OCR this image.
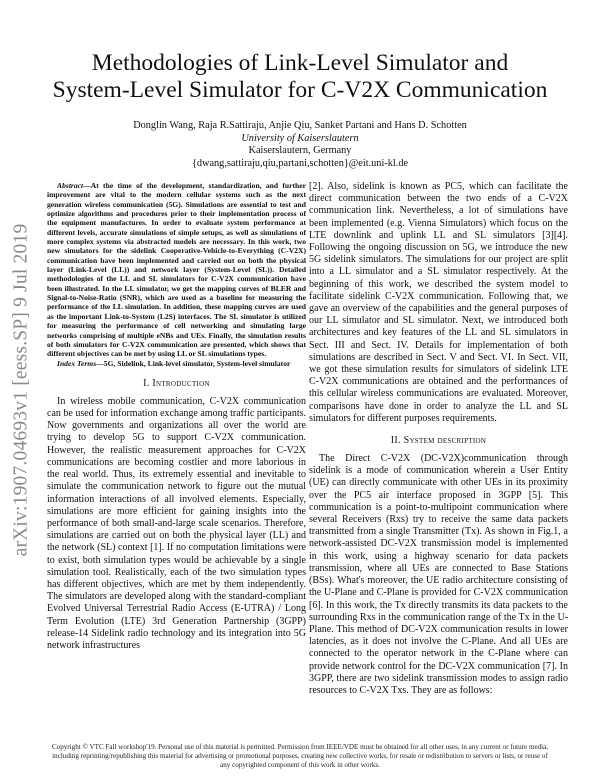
arXiv:1907.04693v1 [eess.SP] 9 Jul 2019
Methodologies of Link-Level Simulator and
System-Level Simulator for C-V2X Communication
Donglin Wang, Raja R.Sattiraju, Anjie Qiu, Sanket Partani and Hans D. Schotten
University of Kaiserslautern
Kaiserslautern, Germany
{dwang,sattiraju,qiu,partani,schotten}@eit.uni-kl.de

Abstract—At the time of the development, standardization, and further improvement are vital to the modern cellular systems such as the next generation wireless communication (5G). Simulations are essential to test and optimize algorithms and procedures prior to their implementation process of the equipment manufactures. In order to evaluate system performance at different levels, accurate simulations of simple setups, as well as simulations of more complex systems via abstracted models are necessary. In this work, two new simulators for the sidelink Cooperative-Vehicle-to-Everything (C-V2X) communication have been implemented and carried out on both the physical layer (Link-Level (LL)) and network layer (System-Level (SL)). Detailed methodologies of the LL and SL simulators for C-V2X communication have been illustrated. In the LL simulator, we get the mapping curves of BLER and Signal-to-Noise-Ratio (SNR), which are used as a baseline for measuring the performance of the LL simulation. In addition, these mapping curves are used as the important Link-to-System (L2S) interfaces. The SL simulator is utilized for measuring the performance of cell networking and simulating large networks comprising of multiple eNBs and UEs. Finally, the simulation results of both simulators for C-V2X communication are presented, which shows that different objectives can be met by using LL or SL simulations types.

Index Terms—5G, Sidelink, Link-level simulator, System-level simulator

I. Introduction

In wireless mobile communication, C-V2X communication can be used for information exchange among traffic participants. Now governments and organizations all over the world are trying to develop 5G to support C-V2X communication. However, the realistic measurement approaches for C-V2X communications are becoming costlier and more laborious in the real world. Thus, its extremely essential and inevitable to simulate the communication network to figure out the mutual information interactions of all involved elements. Especially, simulations are more efficient for gaining insights into the performance of both small-and-large scale scenarios. Therefore, simulations are carried out on both the physical layer (LL) and the network (SL) context [1]. If no computation limitations were to exist, both simulation types would be achievable by a single simulation tool. Realistically, each of the two simulation types has different objectives, which are met by them independently. The simulators are developed along with the standard-compliant Evolved Universal Terrestrial Radio Access (E-UTRA) / Long Term Evolution (LTE) 3rd Generation Partnership (3GPP) release-14 Sidelink radio technology and its integration into 5G network infrastructures

[2]. Also, sidelink is known as PC5, which can facilitate the direct communication between the two ends of a C-V2X communication link. Nevertheless, a lot of simulations have been implemented (e.g. Vienna Simulators) which focus on the LTE downlink and uplink LL and SL simulators [3][4]. Following the ongoing discussion on 5G, we introduce the new 5G sidelink simulators. The simulations for our project are split into a LL simulator and a SL simulator respectively. At the beginning of this work, we described the system model to facilitate sidelink C-V2X communication. Following that, we gave an overview of the capabilities and the general purposes of our LL simulator and SL simulator. Next, we introduced both architectures and key features of the LL and SL simulators in Sect. III and Sect. IV. Details for implementation of both simulations are described in Sect. V and Sect. VI. In Sect. VII, we got these simulation results for simulators of sidelink LTE C-V2X communications are obtained and the performances of this cellular wireless communications are evaluated. Moreover, comparisons have done in order to analyze the LL and SL simulators for different purposes requirements.

II. System description

The Direct C-V2X (DC-V2X)communication through sidelink is a mode of communication wherein a User Entity (UE) can directly communicate with other UEs in its proximity over the PC5 air interface proposed in 3GPP [5]. This communication is a point-to-multipoint communication where several Receivers (Rxs) try to receive the same data packets transmitted from a single Transmitter (Tx). As shown in Fig.1, a network-assisted DC-V2X transmission model is implemented in this work, using a highway scenario for data packets transmission, where all UEs are connected to Base Stations (BSs). What's moreover, the UE radio architecture consisting of the U-Plane and C-Plane is provided for C-V2X communication [6]. In this work, the Tx directly transmits its data packets to the surrounding Rxs in the communication range of the Tx in the U-Plane. This method of DC-V2X communication results in lower latencies, as it does not involve the C-Plane. And all UEs are connected to the operator network in the C-Plane where can provide network control for the DC-V2X communication [7]. In 3GPP, there are two sidelink transmission modes to assign radio resources to C-V2X Txs. They are as follows:

Copyright © VTC Fall workshop'19. Personal use of this material is permitted. Permission from IEEE/VDE must be obtained for all other uses, in any current or future media, including reprinting/republishing this material for advertising or promotional purposes, creating new collective works, for resale or redistribution to servers or lists, or reuse of any copyrighted component of this work in other works.
